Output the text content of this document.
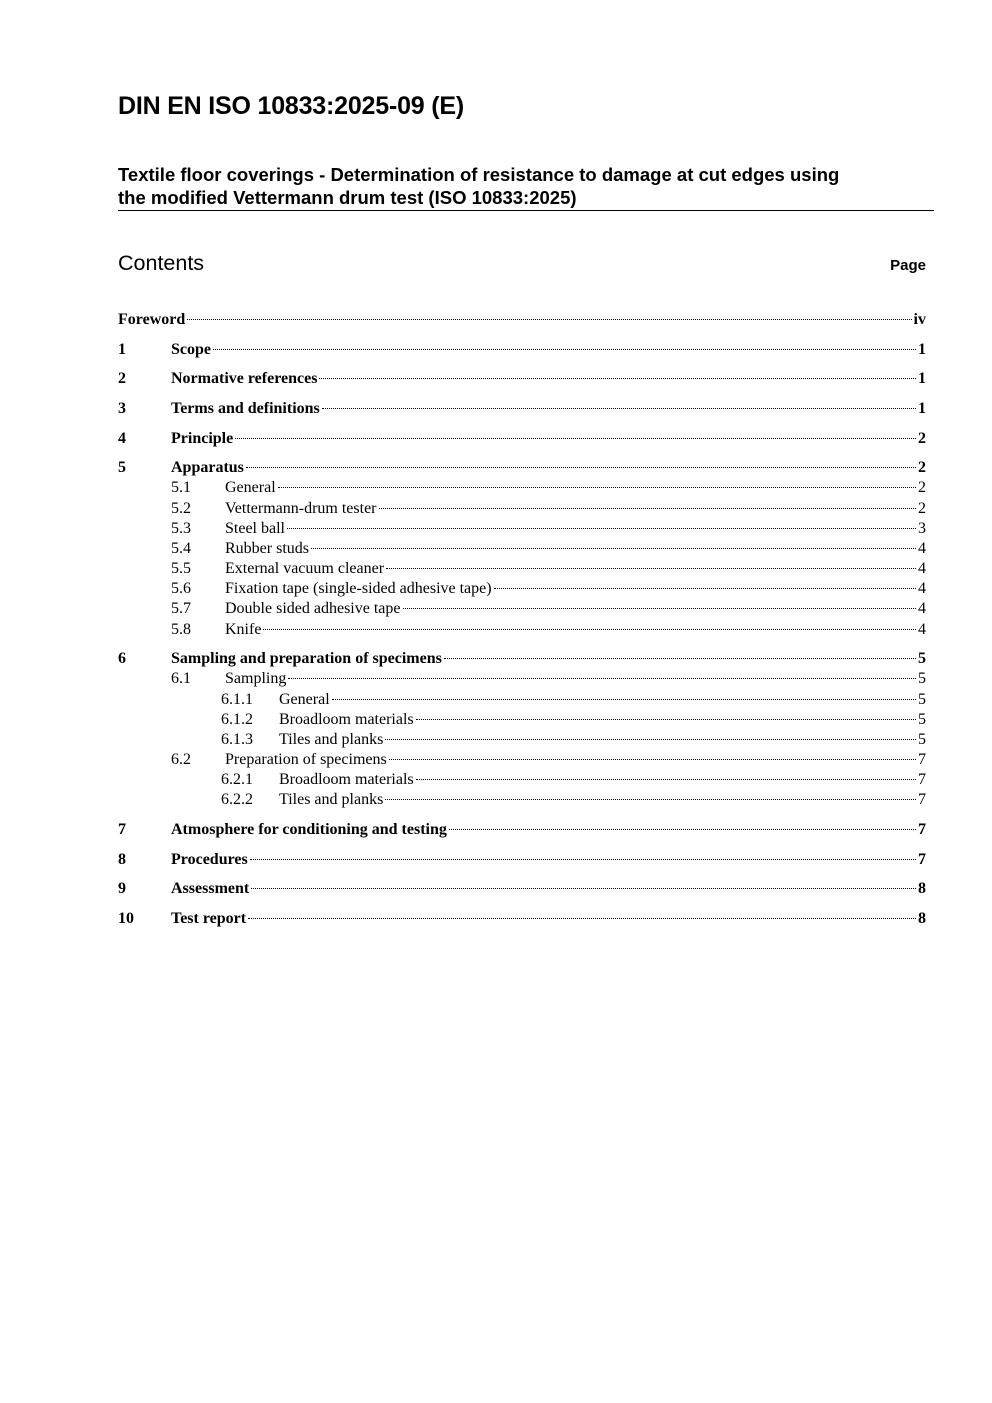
DIN EN ISO 10833:2025-09 (E)
Textile floor coverings - Determination of resistance to damage at cut edges using
the modified Vettermann drum test (ISO 10833:2025)
Contents	Page
Foreword	iv
1	Scope	1
2	Normative references	1
3	Terms and definitions	1
4	Principle	2
5	Apparatus	2
5.1	General	2
5.2	Vettermann-drum tester	2
5.3	Steel ball	3
5.4	Rubber studs	4
5.5	External vacuum cleaner	4
5.6	Fixation tape (single-sided adhesive tape)	4
5.7	Double sided adhesive tape	4
5.8	Knife	4
6	Sampling and preparation of specimens	5
6.1	Sampling	5
6.1.1	General	5
6.1.2	Broadloom materials	5
6.1.3	Tiles and planks	5
6.2	Preparation of specimens	7
6.2.1	Broadloom materials	7
6.2.2	Tiles and planks	7
7	Atmosphere for conditioning and testing	7
8	Procedures	7
9	Assessment	8
10	Test report	8
